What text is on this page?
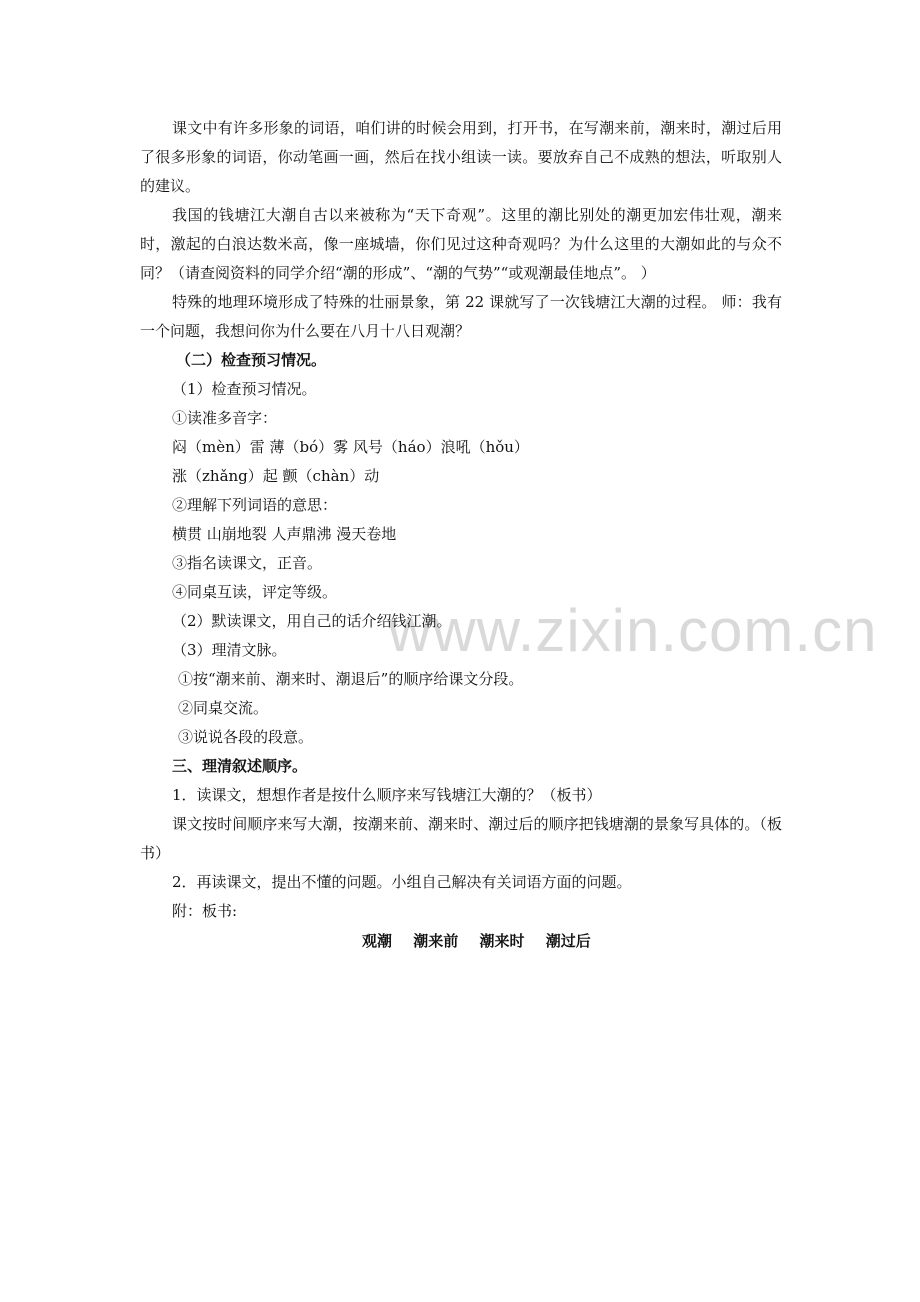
www.zixin.com.cn

课文中有许多形象的词语，咱们讲的时候会用到，打开书，在写潮来前，潮来时，潮过后用了很多形象的词语，你动笔画一画，然后在找小组读一读。要放弃自己不成熟的想法，听取别人的建议。

我国的钱塘江大潮自古以来被称为“天下奇观”。这里的潮比别处的潮更加宏伟壮观，潮来时，激起的白浪达数米高，像一座城墙，你们见过这种奇观吗？为什么这里的大潮如此的与众不同？（请查阅资料的同学介绍“潮的形成”、“潮的气势”“或观潮最佳地点”。 ）

特殊的地理环境形成了特殊的壮丽景象，第 22 课就写了一次钱塘江大潮的过程。 师：我有一个问题，我想问你为什么要在八月十八日观潮？

（二）检查预习情况。

（1）检查预习情况。

①读准多音字：

闷（mèn）雷 薄（bó）雾 风号（háo）浪吼（hǒu）

涨（zhǎng）起 颤（chàn）动

②理解下列词语的意思：

横贯 山崩地裂 人声鼎沸 漫天卷地

③指名读课文，正音。

④同桌互读，评定等级。

（2）默读课文，用自己的话介绍钱江潮。

（3）理清文脉。

①按“潮来前、潮来时、潮退后”的顺序给课文分段。

②同桌交流。

③说说各段的段意。

三、理清叙述顺序。

1．读课文，想想作者是按什么顺序来写钱塘江大潮的？（板书）

课文按时间顺序来写大潮，按潮来前、潮来时、潮过后的顺序把钱塘潮的景象写具体的。（板书）

2．再读课文，提出不懂的问题。小组自己解决有关词语方面的问题。

附：板书:

观潮 潮来前 潮来时 潮过后
